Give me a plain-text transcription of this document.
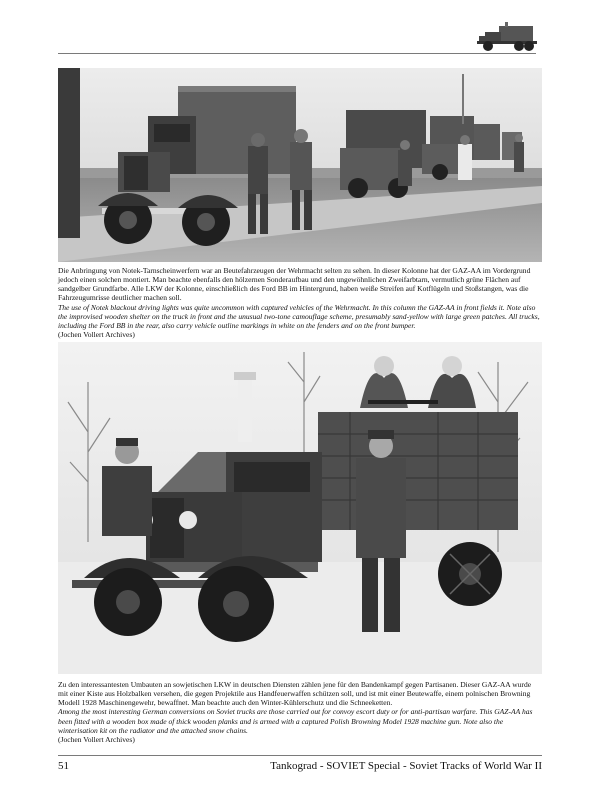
Die Anbringung von Notek-Tarnscheinwerfern war an Beutefahrzeugen der Wehrmacht selten zu sehen. In dieser Kolonne hat der GAZ-AA im Vordergrund jedoch einen solchen montiert. Man beachte ebenfalls den hölzernen Sonderaufbau und den ungewöhnlichen Zweifarbtarn, vermutlich grüne Flächen auf sandgelber Grundfarbe. Alle LKW der Kolonne, einschließlich des Ford BB im Hintergrund, haben weiße Streifen auf Kotflügeln und Stoßstangen, was die Fahrzeugumrisse deutlicher machen soll.

The use of Notek blackout driving lights was quite uncommon with captured vehicles of the Wehrmacht. In this column the GAZ-AA in front fields it. Note also the improvised wooden shelter on the truck in front and the unusual two-tone camouflage scheme, presumably sand-yellow with large green patches. All trucks, including the Ford BB in the rear, also carry vehicle outline markings in white on the fenders and on the front bumper.

(Jochen Vollert Archives)

Zu den interessantesten Umbauten an sowjetischen LKW in deutschen Diensten zählen jene für den Bandenkampf gegen Partisanen. Dieser GAZ-AA wurde mit einer Kiste aus Holzbalken versehen, die gegen Projektile aus Handfeuerwaffen schützen soll, und ist mit einer Beutewaffe, einem polnischen Browning Modell 1928 Maschinengewehr, bewaffnet. Man beachte auch den Winter-Kühlerschutz und die Schneeketten.

Among the most interesting German conversions on Soviet trucks are those carried out for convoy escort duty or for anti-partisan warfare. This GAZ-AA has been fitted with a wooden box made of thick wooden planks and is armed with a captured Polish Browning Model 1928 machine gun. Note also the winterisation kit on the radiator and the attached snow chains.

(Jochen Vollert Archives)

51	Tankograd - SOVIET Special - Soviet Tracks of World War II
